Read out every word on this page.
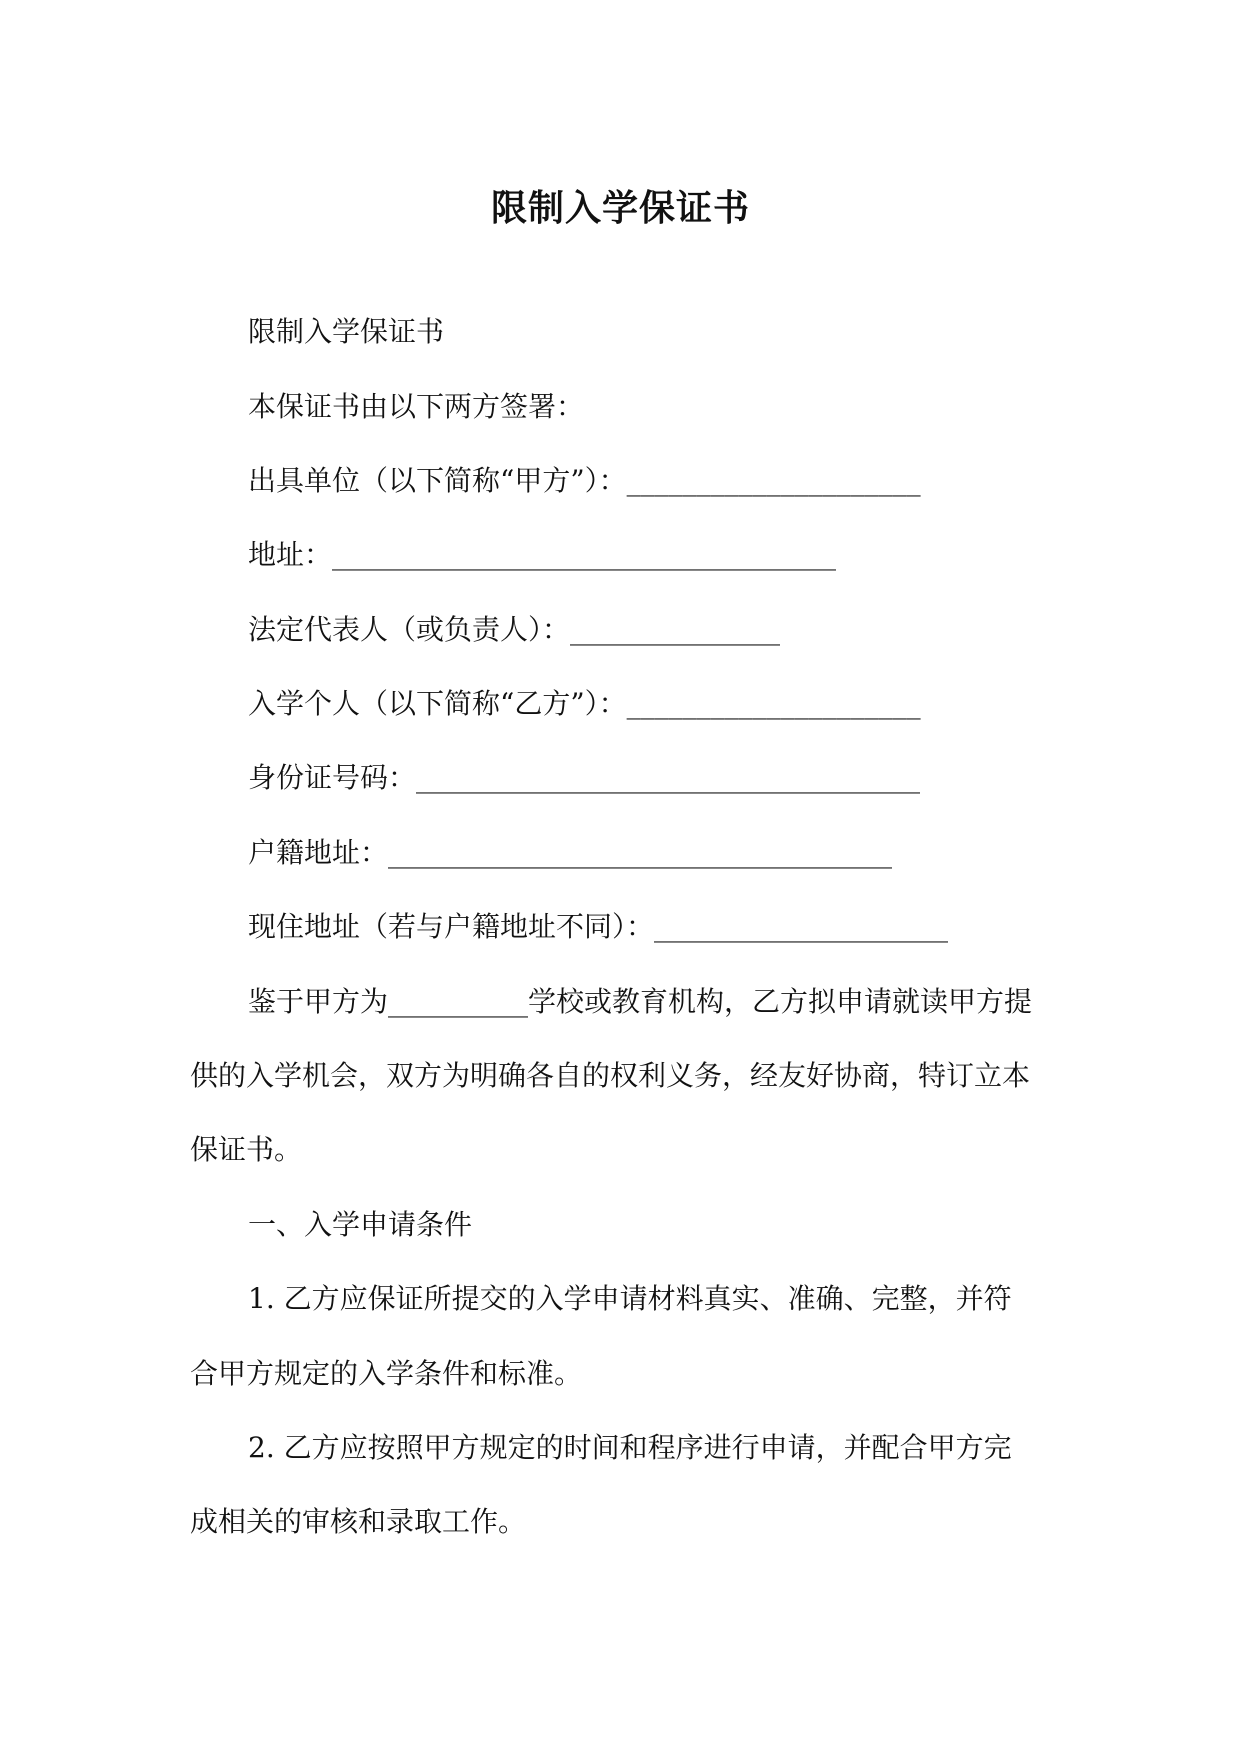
限制入学保证书
限制入学保证书
本保证书由以下两方签署：
出具单位（以下简称“甲方”）：_____________________
地址：____________________________________
法定代表人（或负责人）：_______________
入学个人（以下简称“乙方”）：_____________________
身份证号码：____________________________________
户籍地址：____________________________________
现住地址（若与户籍地址不同）：_____________________
鉴于甲方为__________学校或教育机构，乙方拟申请就读甲方提
供的入学机会，双方为明确各自的权利义务，经友好协商，特订立本
保证书。
一、入学申请条件
1. 乙方应保证所提交的入学申请材料真实、准确、完整，并符
合甲方规定的入学条件和标准。
2. 乙方应按照甲方规定的时间和程序进行申请，并配合甲方完
成相关的审核和录取工作。
